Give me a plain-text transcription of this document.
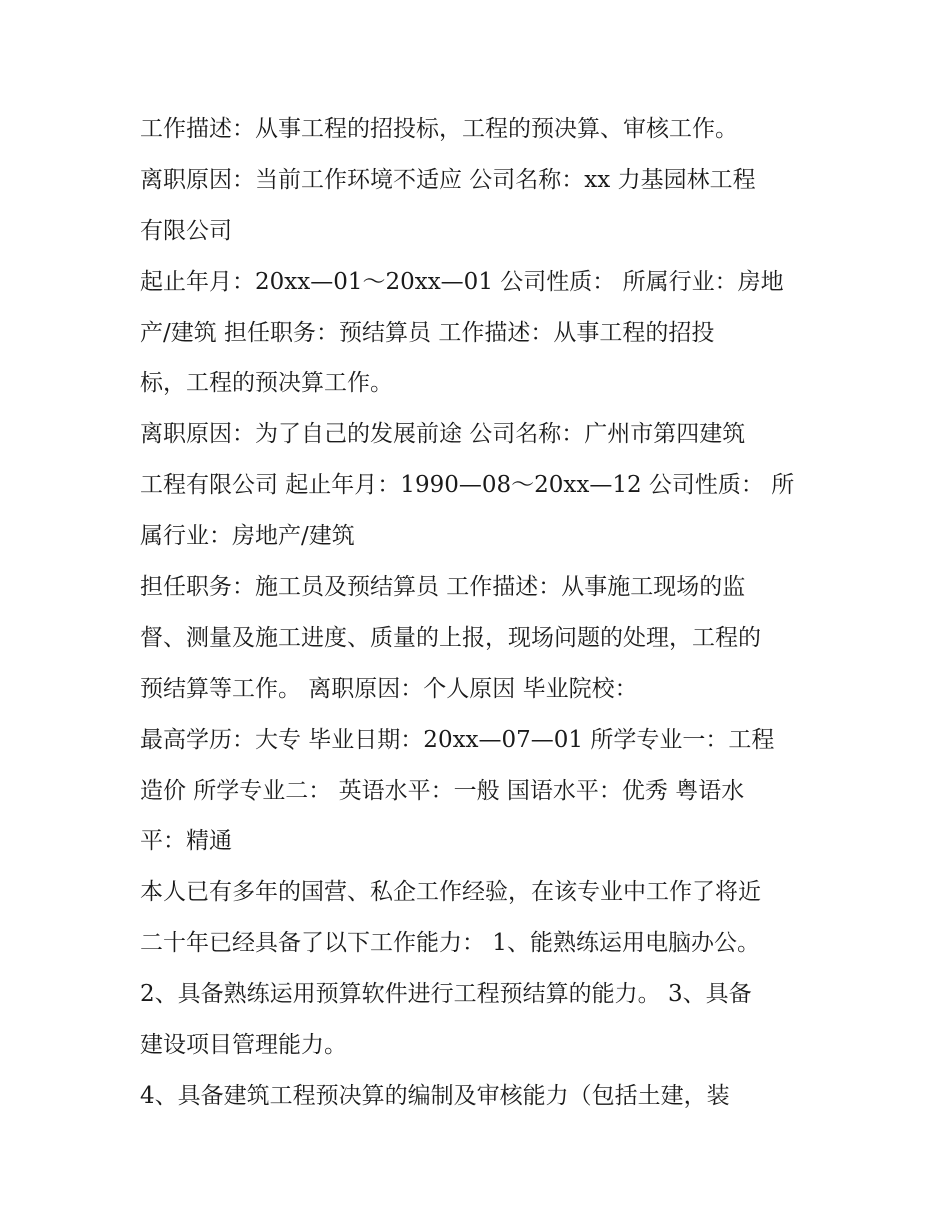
工作描述：从事工程的招投标，工程的预决算、审核工作。
离职原因：当前工作环境不适应 公司名称：xx 力基园林工程
有限公司
起止年月：20xx—01～20xx—01 公司性质： 所属行业：房地
产/建筑 担任职务：预结算员 工作描述：从事工程的招投
标，工程的预决算工作。
离职原因：为了自己的发展前途 公司名称：广州市第四建筑
工程有限公司 起止年月：1990—08～20xx—12 公司性质： 所
属行业：房地产/建筑
担任职务：施工员及预结算员 工作描述：从事施工现场的监
督、测量及施工进度、质量的上报，现场问题的处理，工程的
预结算等工作。 离职原因：个人原因 毕业院校：
最高学历：大专 毕业日期：20xx—07—01 所学专业一：工程
造价 所学专业二： 英语水平：一般 国语水平：优秀 粤语水
平：精通
本人已有多年的国营、私企工作经验，在该专业中工作了将近
二十年已经具备了以下工作能力： 1、能熟练运用电脑办公。
2、具备熟练运用预算软件进行工程预结算的能力。 3、具备
建设项目管理能力。
4、具备建筑工程预决算的编制及审核能力（包括土建，装
